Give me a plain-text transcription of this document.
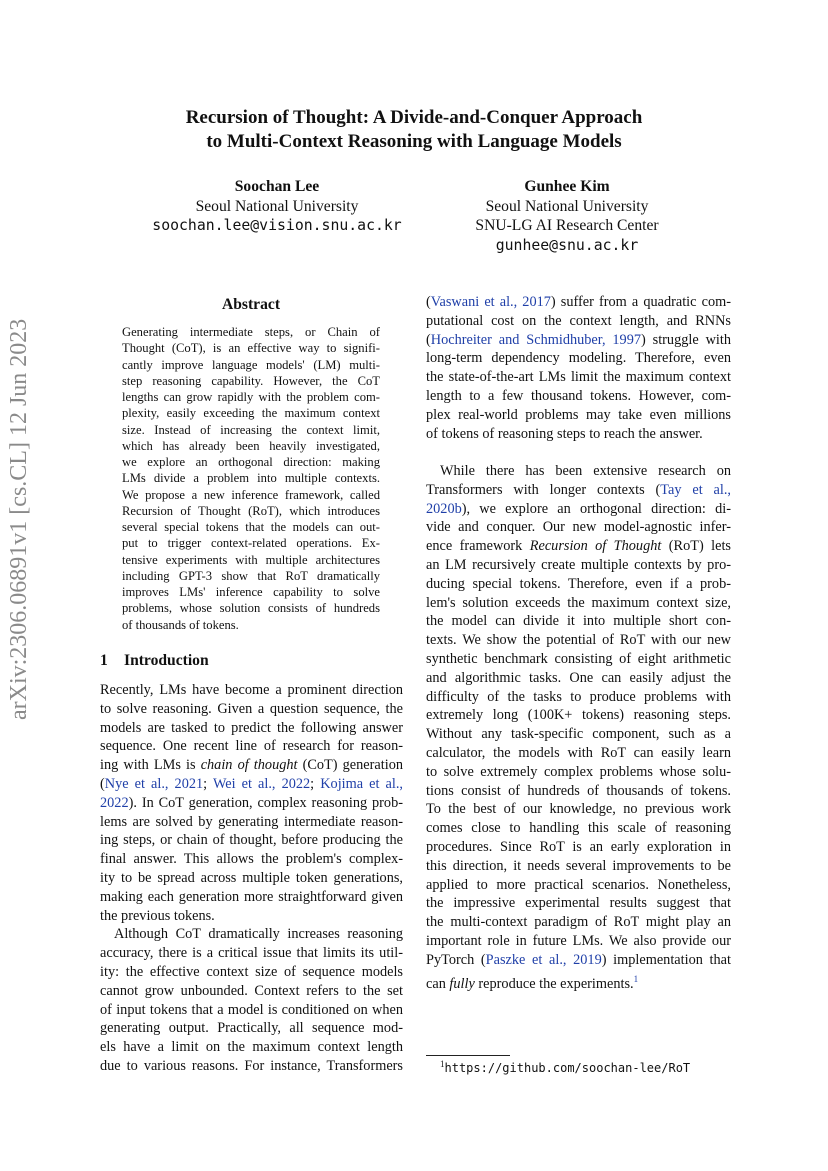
Recursion of Thought: A Divide-and-Conquer Approach
to Multi-Context Reasoning with Language Models
Soochan Lee
Seoul National University
soochan.lee@vision.snu.ac.kr
Gunhee Kim
Seoul National University
SNU-LG AI Research Center
gunhee@snu.ac.kr
arXiv:2306.06891v1 [cs.CL] 12 Jun 2023
Abstract
Generating intermediate steps, or Chain of
Thought (CoT), is an effective way to signifi-
cantly improve language models' (LM) multi-
step reasoning capability. However, the CoT
lengths can grow rapidly with the problem com-
plexity, easily exceeding the maximum context
size. Instead of increasing the context limit,
which has already been heavily investigated,
we explore an orthogonal direction: making
LMs divide a problem into multiple contexts.
We propose a new inference framework, called
Recursion of Thought (RoT), which introduces
several special tokens that the models can out-
put to trigger context-related operations. Ex-
tensive experiments with multiple architectures
including GPT-3 show that RoT dramatically
improves LMs' inference capability to solve
problems, whose solution consists of hundreds
of thousands of tokens.
1 Introduction
Recently, LMs have become a prominent direction
to solve reasoning. Given a question sequence, the
models are tasked to predict the following answer
sequence. One recent line of research for reason-
ing with LMs is chain of thought (CoT) generation
(Nye et al., 2021; Wei et al., 2022; Kojima et al.,
2022). In CoT generation, complex reasoning prob-
lems are solved by generating intermediate reason-
ing steps, or chain of thought, before producing the
final answer. This allows the problem's complex-
ity to be spread across multiple token generations,
making each generation more straightforward given
the previous tokens.
Although CoT dramatically increases reasoning
accuracy, there is a critical issue that limits its util-
ity: the effective context size of sequence models
cannot grow unbounded. Context refers to the set
of input tokens that a model is conditioned on when
generating output. Practically, all sequence mod-
els have a limit on the maximum context length
due to various reasons. For instance, Transformers
(Vaswani et al., 2017) suffer from a quadratic com-
putational cost on the context length, and RNNs
(Hochreiter and Schmidhuber, 1997) struggle with
long-term dependency modeling. Therefore, even
the state-of-the-art LMs limit the maximum context
length to a few thousand tokens. However, com-
plex real-world problems may take even millions
of tokens of reasoning steps to reach the answer.
While there has been extensive research on
Transformers with longer contexts (Tay et al.,
2020b), we explore an orthogonal direction: di-
vide and conquer. Our new model-agnostic infer-
ence framework Recursion of Thought (RoT) lets
an LM recursively create multiple contexts by pro-
ducing special tokens. Therefore, even if a prob-
lem's solution exceeds the maximum context size,
the model can divide it into multiple short con-
texts. We show the potential of RoT with our new
synthetic benchmark consisting of eight arithmetic
and algorithmic tasks. One can easily adjust the
difficulty of the tasks to produce problems with
extremely long (100K+ tokens) reasoning steps.
Without any task-specific component, such as a
calculator, the models with RoT can easily learn
to solve extremely complex problems whose solu-
tions consist of hundreds of thousands of tokens.
To the best of our knowledge, no previous work
comes close to handling this scale of reasoning
procedures. Since RoT is an early exploration in
this direction, it needs several improvements to be
applied to more practical scenarios. Nonetheless,
the impressive experimental results suggest that
the multi-context paradigm of RoT might play an
important role in future LMs. We also provide our
PyTorch (Paszke et al., 2019) implementation that
can fully reproduce the experiments.$^1$
$^1$https://github.com/soochan-lee/RoT
